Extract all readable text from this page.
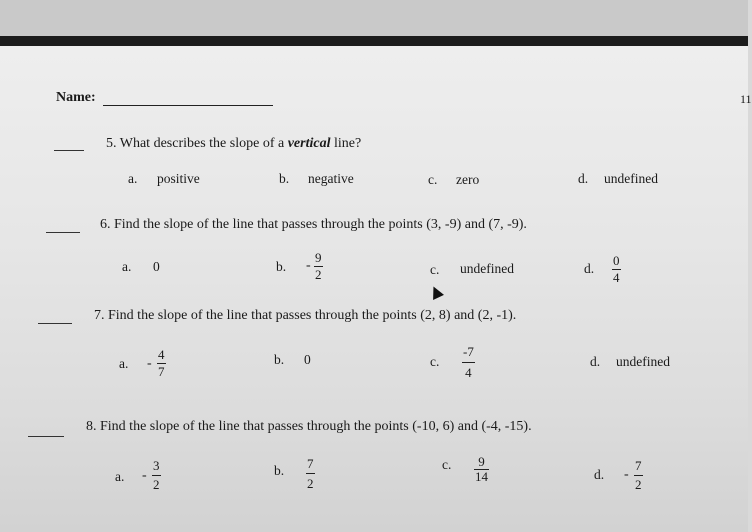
Name:	11
5. What describes the slope of a vertical line?
a. positive	b. negative	c. zero	d. undefined
6. Find the slope of the line that passes through the points (3, -9) and (7, -9).
a. 0	b. -
9
2	c. undefined	d.
0
4
7. Find the slope of the line that passes through the points (2, 8) and (2, -1).
a. -
4
7
b. 0	c.
-7
4
d. undefined
8. Find the slope of the line that passes through the points (-10, 6) and (-4, -15).
a. -
3
2
b. 7
2
c. 9
14	d. -
7
2
